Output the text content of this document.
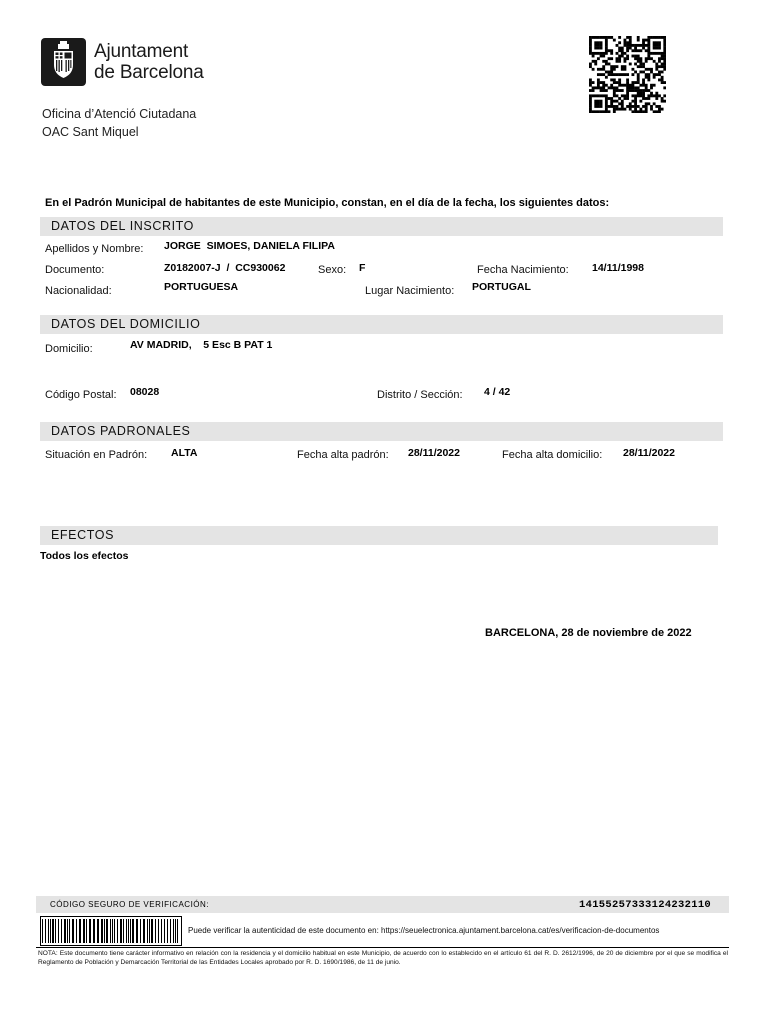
Ajuntament
de Barcelona
Oficina d’Atenció Ciutadana
OAC Sant Miquel
En el Padrón Municipal de habitantes de este Municipio, constan, en el día de la fecha, los siguientes datos:
DATOS DEL INSCRITO
Apellidos y Nombre: JORGE  SIMOES, DANIELA FILIPA
Documento:	Z0182007-J  /  CC930062	Sexo: F	Fecha Nacimiento: 14/11/1998
Nacionalidad:	PORTUGUESA	Lugar Nacimiento: PORTUGAL
DATOS DEL DOMICILIO
Domicilio:	AV MADRID,    5 Esc B PAT 1
Código Postal: 08028	Distrito / Sección: 4 / 42
DATOS PADRONALES
Situación en Padrón: ALTA	Fecha alta padrón: 28/11/2022	Fecha alta domicilio: 28/11/2022
EFECTOS
Todos los efectos
BARCELONA, 28 de noviembre de 2022
CÓDIGO SEGURO DE VERIFICACIÓN:	14155257333124232110
Puede verificar la autenticidad de este documento en: https://seuelectronica.ajuntament.barcelona.cat/es/verificacion-de-documentos
NOTA: Este documento tiene carácter informativo en relación con la residencia y el domicilio habitual en este Municipio, de acuerdo con lo establecido en el artículo 61 del R. D. 2612/1996, de 20 de diciembre por el que se modifica el Reglamento de Población y Demarcación Territorial de las Entidades Locales aprobado por R. D. 1690/1986, de 11 de junio.
